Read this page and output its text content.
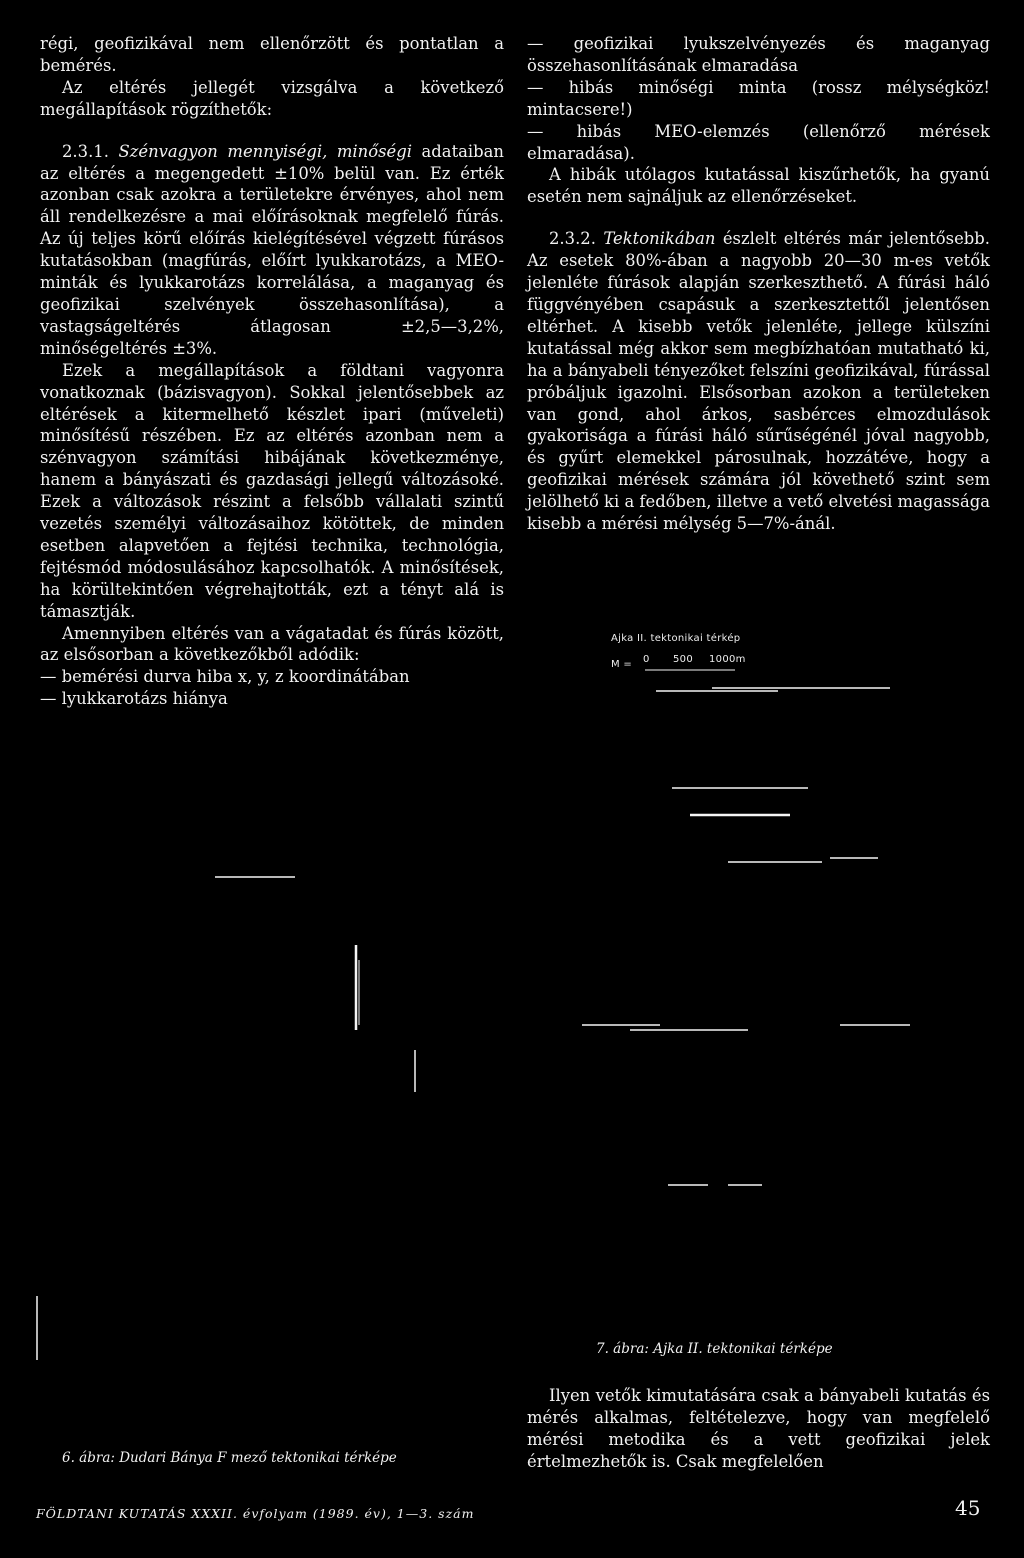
régi, geofizikával nem ellenőrzött és pontatlan a bemérés.

Az eltérés jellegét vizsgálva a következő megállapítások rögzíthetők:

2.3.1. Szénvagyon mennyiségi, minőségi adataiban az eltérés a megengedett ±10% belül van. Ez érték azonban csak azokra a területekre érvényes, ahol nem áll rendelkezésre a mai előírásoknak megfelelő fúrás. Az új teljes körű előírás kielégítésével végzett fúrásos kutatásokban (magfúrás, előírt lyukkarotázs, a MEO-minták és lyukkarotázs korrelálása, a maganyag és geofizikai szelvények összehasonlítása), a vastagságeltérés átlagosan ±2,5—3,2%, minőségeltérés ±3%.

Ezek a megállapítások a földtani vagyonra vonatkoznak (bázisvagyon). Sokkal jelentősebbek az eltérések a kitermelhető készlet ipari (műveleti) minősítésű részében. Ez az eltérés azonban nem a szénvagyon számítási hibájának következménye, hanem a bányászati és gazdasági jellegű változásoké. Ezek a változások részint a felsőbb vállalati szintű vezetés személyi változásaihoz kötöttek, de minden esetben alapvetően a fejtési technika, technológia, fejtésmód módosulásához kapcsolhatók. A minősítések, ha körültekintően végrehajtották, ezt a tényt alá is támasztják.

Amennyiben eltérés van a vágatadat és fúrás között, az elsősorban a következőkből adódik:

— bemérési durva hiba x, y, z koordinátában

— lyukkarotázs hiánya

— geofizikai lyukszelvényezés és maganyag összehasonlításának elmaradása

— hibás minőségi minta (rossz mélységköz! mintacsere!)

— hibás MEO-elemzés (ellenőrző mérések elmaradása).

A hibák utólagos kutatással kiszűrhetők, ha gyanú esetén nem sajnáljuk az ellenőrzéseket.

2.3.2. Tektonikában észlelt eltérés már jelentősebb. Az esetek 80%-ában a nagyobb 20—30 m-es vetők jelenléte fúrások alapján szerkeszthető. A fúrási háló függvényében csapásuk a szerkesztettől jelentősen eltérhet. A kisebb vetők jelenléte, jellege külszíni kutatással még akkor sem megbízhatóan mutatható ki, ha a bányabeli tényezőket felszíni geofizikával, fúrással próbáljuk igazolni. Elsősorban azokon a területeken van gond, ahol árkos, sasbérces elmozdulások gyakorisága a fúrási háló sűrűségénél jóval nagyobb, és gyűrt elemekkel párosulnak, hozzátéve, hogy a geofizikai mérések számára jól követhető szint sem jelölhető ki a fedőben, illetve a vető elvetési magassága kisebb a mérési mélység 5—7%-ánál.

Ajka II. tektonikai térkép
M = 0 500 1000m
6. ábra: Dudari Bánya F mező tektonikai térképe
7. ábra: Ajka II. tektonikai térképe

Ilyen vetők kimutatására csak a bányabeli kutatás és mérés alkalmas, feltételezve, hogy van megfelelő mérési metodika és a vett geofizikai jelek értelmezhetők is. Csak megfelelően

FÖLDTANI KUTATÁS XXXII. évfolyam (1989. év), 1—3. szám	45
